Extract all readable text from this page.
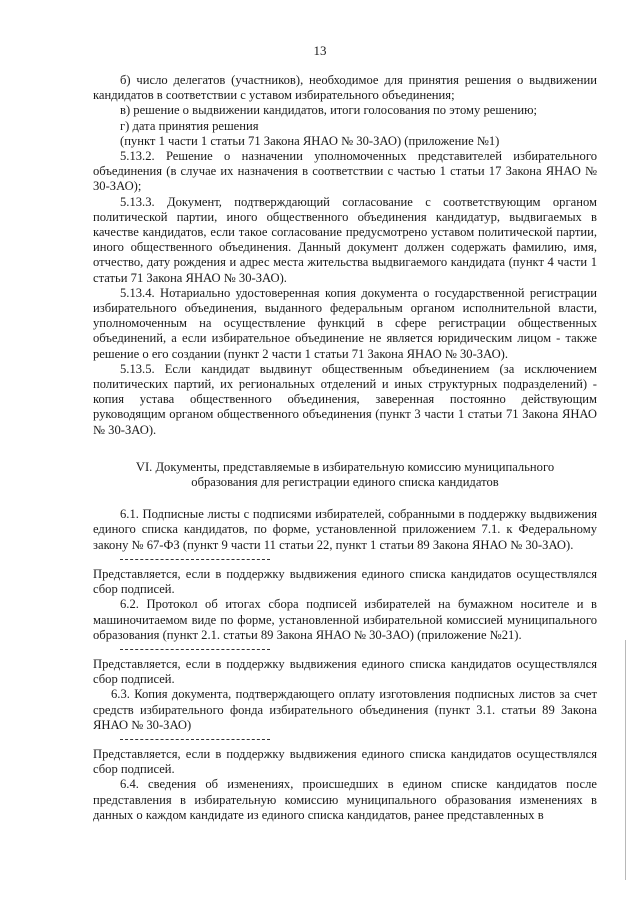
13

б) число делегатов (участников), необходимое для принятия решения о выдвижении кандидатов в соответствии с уставом избирательного объединения;

в) решение о выдвижении кандидатов, итоги голосования по этому решению;

г) дата принятия решения

(пункт 1 части 1 статьи 71 Закона ЯНАО № 30-ЗАО) (приложение №1)

5.13.2. Решение о назначении уполномоченных представителей избирательного объединения (в случае их назначения в соответствии с частью 1 статьи 17 Закона ЯНАО № 30-ЗАО);

5.13.3. Документ, подтверждающий согласование с соответствующим органом политической партии, иного общественного объединения кандидатур, выдвигаемых в качестве кандидатов, если такое согласование предусмотрено уставом политической партии, иного общественного объединения. Данный документ должен содержать фамилию, имя, отчество, дату рождения и адрес места жительства выдвигаемого кандидата (пункт 4 части 1 статьи 71 Закона ЯНАО № 30-ЗАО).

5.13.4. Нотариально удостоверенная копия документа о государственной регистрации избирательного объединения, выданного федеральным органом исполнительной власти, уполномоченным на осуществление функций в сфере регистрации общественных объединений, а если избирательное объединение не является юридическим лицом - также решение о его создании (пункт 2 части 1 статьи 71 Закона ЯНАО № 30-ЗАО).

5.13.5. Если кандидат выдвинут общественным объединением (за исключением политических партий, их региональных отделений и иных структурных подразделений) - копия устава общественного объединения, заверенная постоянно действующим руководящим органом общественного объединения (пункт 3 части 1 статьи 71 Закона ЯНАО № 30-ЗАО).

VI. Документы, представляемые в избирательную комиссию муниципального
образования для регистрации единого списка кандидатов

6.1. Подписные листы с подписями избирателей, собранными в поддержку выдвижения единого списка кандидатов, по форме, установленной приложением 7.1. к Федеральному закону № 67-ФЗ (пункт 9 части 11 статьи 22, пункт 1 статьи 89 Закона ЯНАО № 30-ЗАО).

Представляется, если в поддержку выдвижения единого списка кандидатов осуществлялся сбор подписей.

6.2. Протокол об итогах сбора подписей избирателей на бумажном носителе и в машиночитаемом виде по форме, установленной избирательной комиссией муниципального образования (пункт 2.1. статьи 89 Закона ЯНАО № 30-ЗАО) (приложение №21).

Представляется, если в поддержку выдвижения единого списка кандидатов осуществлялся сбор подписей.

6.3. Копия документа, подтверждающего оплату изготовления подписных листов за счет средств избирательного фонда избирательного объединения (пункт 3.1. статьи 89 Закона ЯНАО № 30-ЗАО)

Представляется, если в поддержку выдвижения единого списка кандидатов осуществлялся сбор подписей.

6.4. сведения об изменениях, происшедших в едином списке кандидатов после представления в избирательную комиссию муниципального образования изменениях в данных о каждом кандидате из единого списка кандидатов, ранее представленных в
